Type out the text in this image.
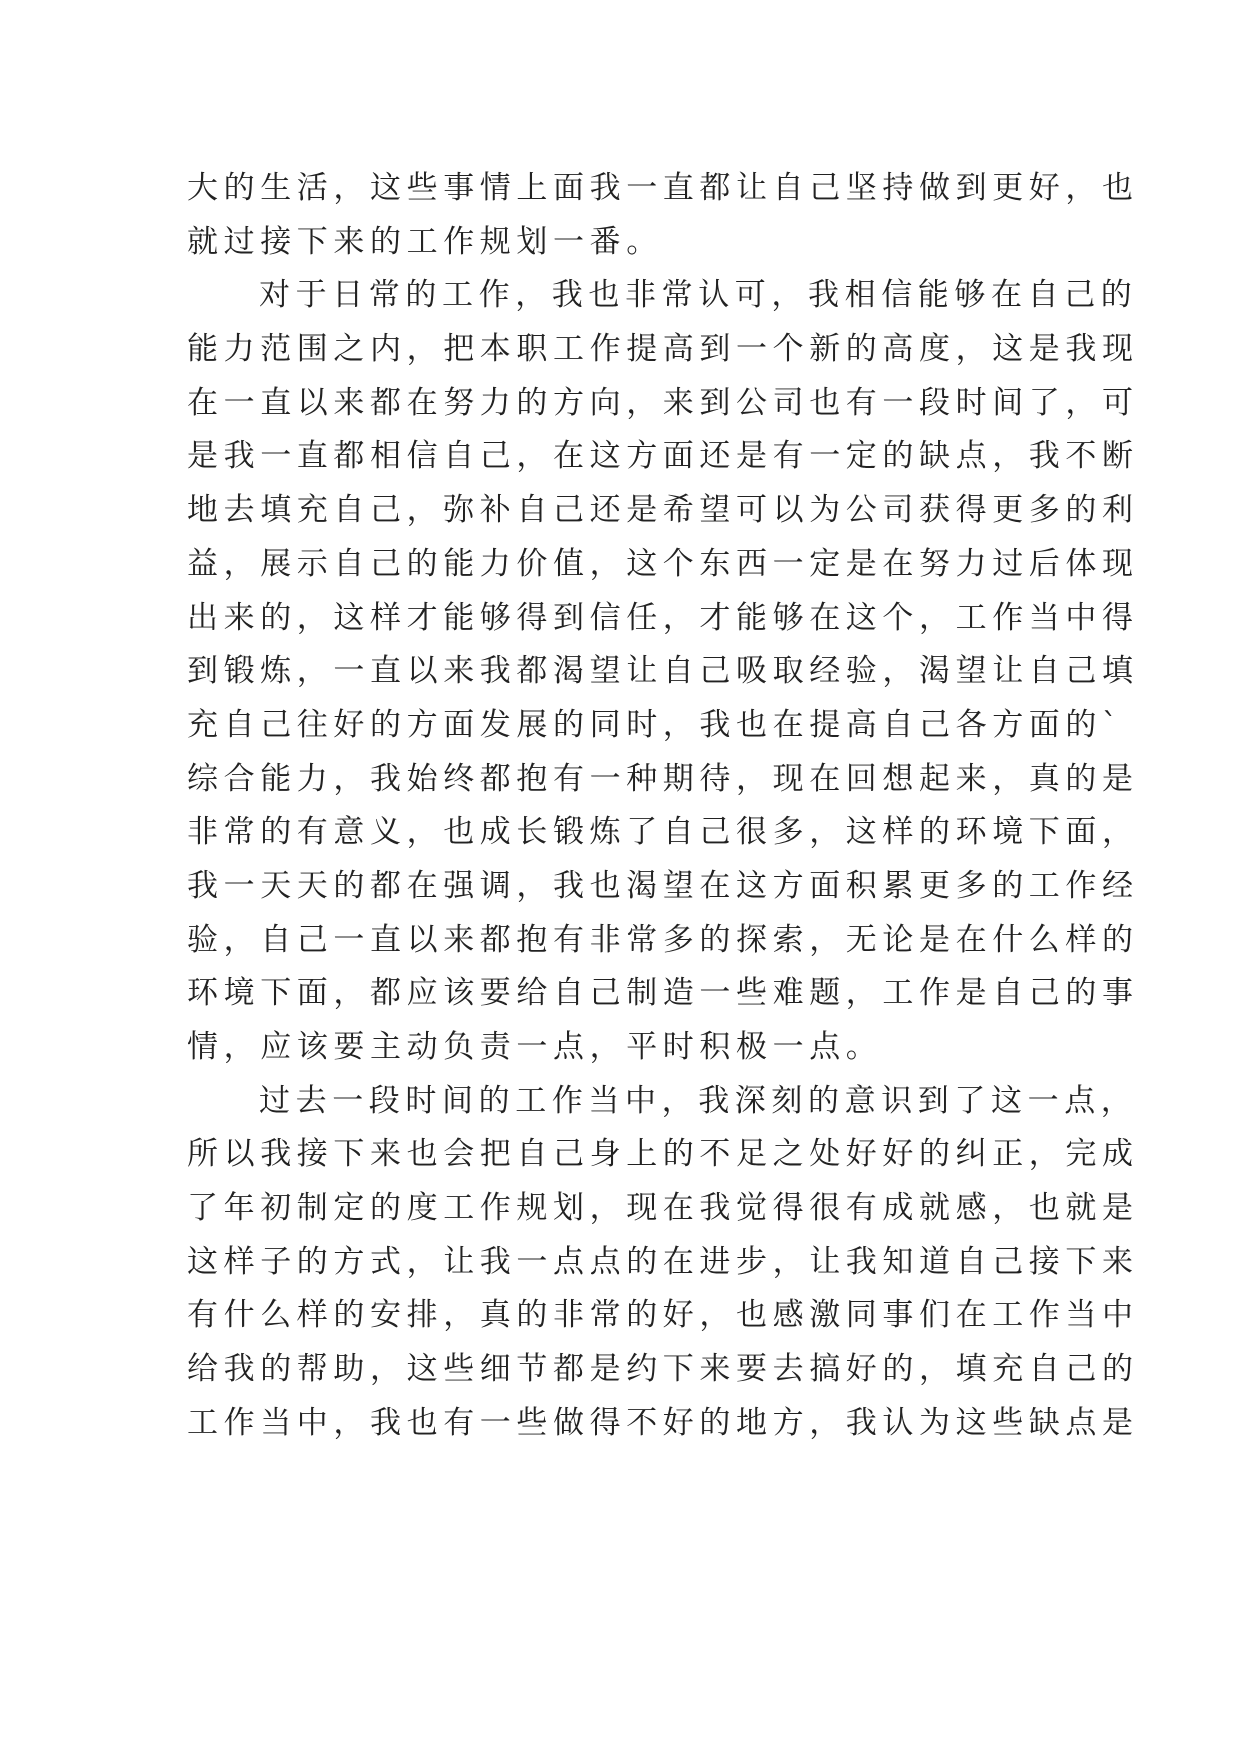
大的生活，这些事情上面我一直都让自己坚持做到更好，也
就过接下来的工作规划一番。
对于日常的工作，我也非常认可，我相信能够在自己的
能力范围之内，把本职工作提高到一个新的高度，这是我现
在一直以来都在努力的方向，来到公司也有一段时间了，可
是我一直都相信自己，在这方面还是有一定的缺点，我不断
地去填充自己，弥补自己还是希望可以为公司获得更多的利
益，展示自己的能力价值，这个东西一定是在努力过后体现
出来的，这样才能够得到信任，才能够在这个，工作当中得
到锻炼，一直以来我都渴望让自己吸取经验，渴望让自己填
充自己往好的方面发展的同时，我也在提高自己各方面的`
综合能力，我始终都抱有一种期待，现在回想起来，真的是
非常的有意义，也成长锻炼了自己很多，这样的环境下面，
我一天天的都在强调，我也渴望在这方面积累更多的工作经
验，自己一直以来都抱有非常多的探索，无论是在什么样的
环境下面，都应该要给自己制造一些难题，工作是自己的事
情，应该要主动负责一点，平时积极一点。
过去一段时间的工作当中，我深刻的意识到了这一点，
所以我接下来也会把自己身上的不足之处好好的纠正，完成
了年初制定的度工作规划，现在我觉得很有成就感，也就是
这样子的方式，让我一点点的在进步，让我知道自己接下来
有什么样的安排，真的非常的好，也感激同事们在工作当中
给我的帮助，这些细节都是约下来要去搞好的，填充自己的
工作当中，我也有一些做得不好的地方，我认为这些缺点是
